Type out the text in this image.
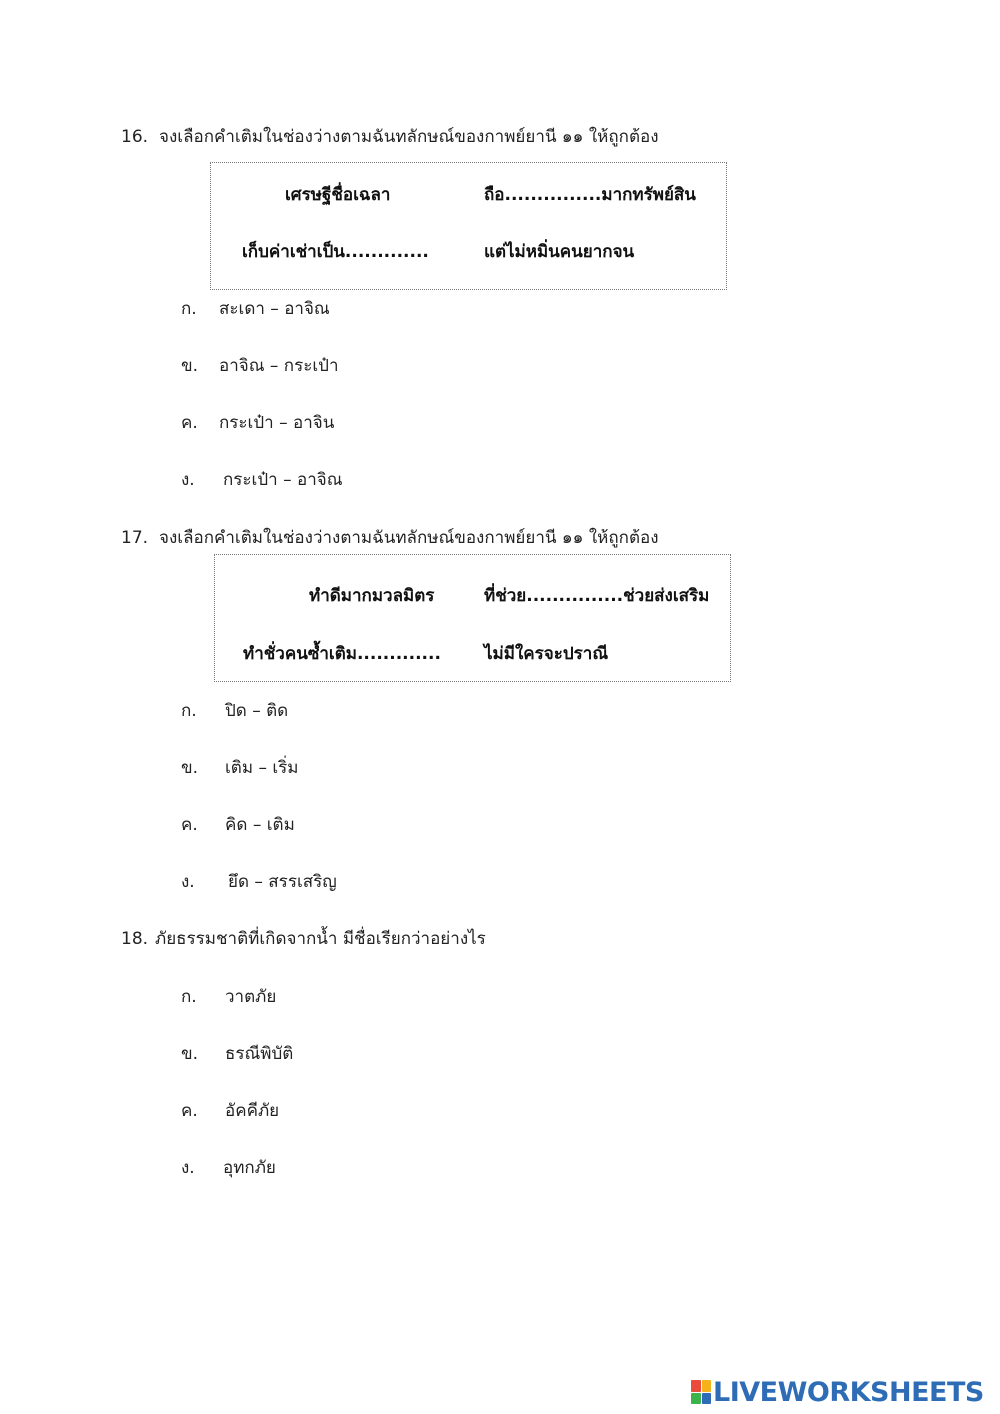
16. จงเลือกคำเติมในช่องว่างตามฉันทลักษณ์ของกาพย์ยานี ๑๑ ให้ถูกต้อง
เศรษฐีชื่อเฉลา	ถือ...............มากทรัพย์สิน
เก็บค่าเช่าเป็น.............	แต่ไม่หมิ่นคนยากจน
ก. สะเดา – อาจิณ
ข. อาจิณ – กระเป๋า
ค. กระเป๋า – อาจิน
ง. กระเป๋า – อาจิณ
17. จงเลือกคำเติมในช่องว่างตามฉันทลักษณ์ของกาพย์ยานี ๑๑ ให้ถูกต้อง
ทำดีมากมวลมิตร	ที่ช่วย...............ช่วยส่งเสริม
ทำชั่วคนซ้ำเติม.............	ไม่มีใครจะปราณี
ก. ปิด – ติด
ข. เติม – เริ่ม
ค. คิด – เติม
ง. ยึด – สรรเสริญ
18. ภัยธรรมชาติที่เกิดจากน้ำ มีชื่อเรียกว่าอย่างไร
ก. วาตภัย
ข. ธรณีพิบัติ
ค. อัคคีภัย
ง. อุทกภัย
LIVEWORKSHEETS
